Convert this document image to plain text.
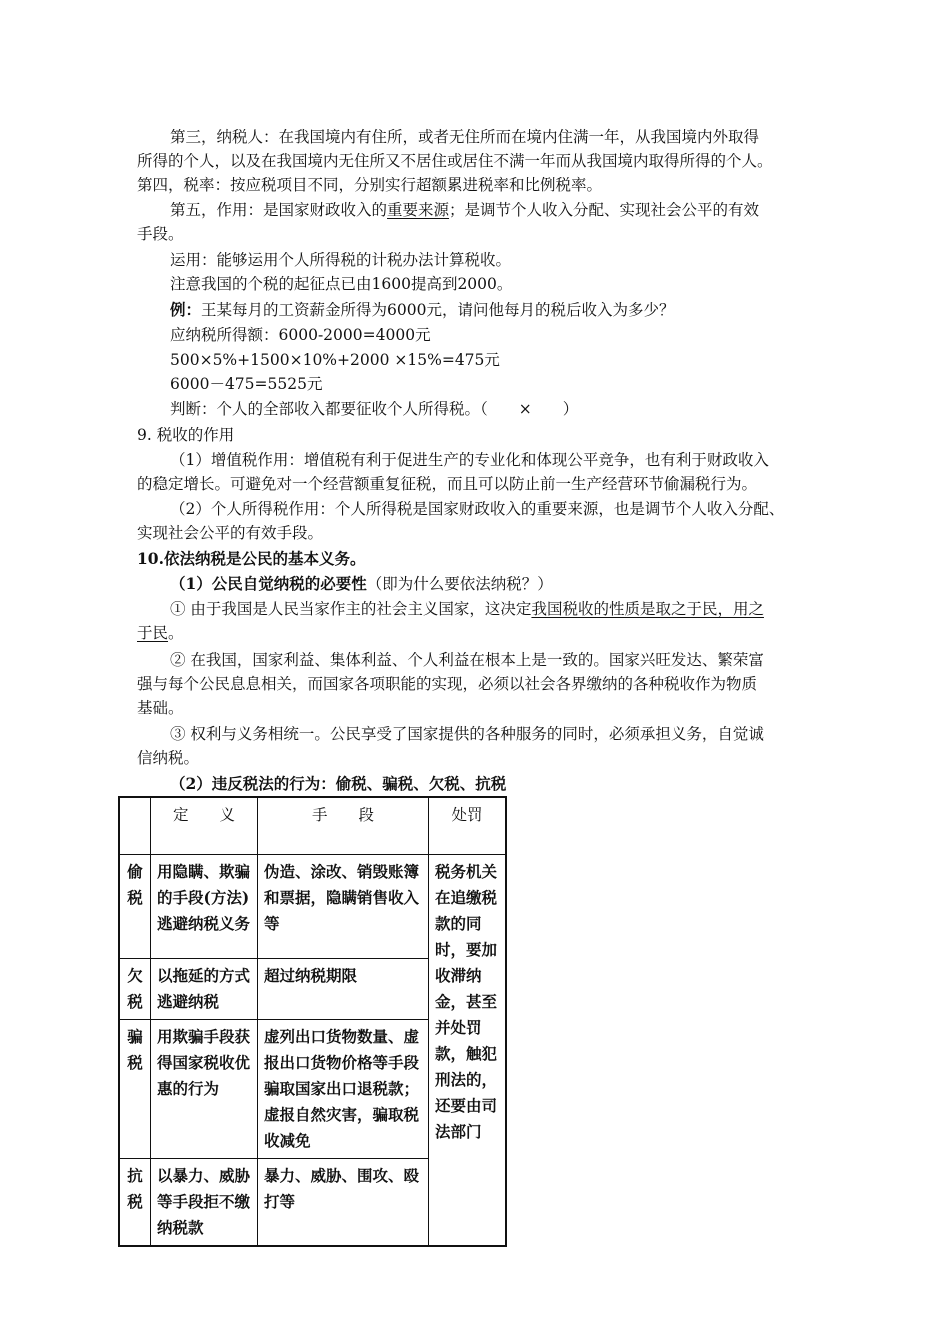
第三，纳税人：在我国境内有住所，或者无住所而在境内住满一年，从我国境内外取得
所得的个人，以及在我国境内无住所又不居住或居住不满一年而从我国境内取得所得的个人。
第四，税率：按应税项目不同，分别实行超额累进税率和比例税率。
第五，作用：是国家财政收入的重要来源；是调节个人收入分配、实现社会公平的有效
手段。
运用：能够运用个人所得税的计税办法计算税收。
注意我国的个税的起征点已由1600提高到2000。
例：王某每月的工资薪金所得为6000元，请问他每月的税后收入为多少？
应纳税所得额：6000-2000=4000元
500×5%+1500×10%+2000 ×15%=475元
6000－475=5525元
判断：个人的全部收入都要征收个人所得税。（　　×　　）
9. 税收的作用
（1）增值税作用：增值税有利于促进生产的专业化和体现公平竞争，也有利于财政收入
的稳定增长。可避免对一个经营额重复征税，而且可以防止前一生产经营环节偷漏税行为。
（2）个人所得税作用：个人所得税是国家财政收入的重要来源，也是调节个人收入分配、
实现社会公平的有效手段。
10.依法纳税是公民的基本义务。
（1）公民自觉纳税的必要性（即为什么要依法纳税？）
① 由于我国是人民当家作主的社会主义国家，这决定我国税收的性质是取之于民，用之
于民。
② 在我国，国家利益、集体利益、个人利益在根本上是一致的。国家兴旺发达、繁荣富
强与每个公民息息相关，而国家各项职能的实现，必须以社会各界缴纳的各种税收作为物质
基础。
③ 权利与义务相统一。公民享受了国家提供的各种服务的同时，必须承担义务，自觉诚
信纳税。
（2）违反税法的行为：偷税、骗税、欠税、抗税
	定　　义	手　　段	处罚
偷税	用隐瞒、欺骗的手段(方法)逃避纳税义务	伪造、涂改、销毁账簿和票据，隐瞒销售收入等	税务机关在追缴税款的同时，要加收滞纳金，甚至并处罚款，触犯刑法的，还要由司法部门
欠税	以拖延的方式逃避纳税	超过纳税期限	
骗税	用欺骗手段获得国家税收优惠的行为	虚列出口货物数量、虚报出口货物价格等手段骗取国家出口退税款；虚报自然灾害，骗取税收减免	
抗税	以暴力、威胁等手段拒不缴纳税款	暴力、威胁、围攻、殴打等	
